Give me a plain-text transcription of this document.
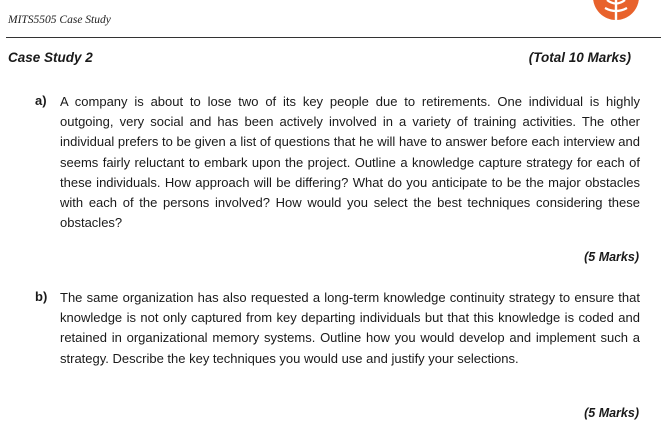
MITS5505 Case Study
Case Study 2	(Total 10 Marks)
a) A company is about to lose two of its key people due to retirements. One individual is highly outgoing, very social and has been actively involved in a variety of training activities. The other individual prefers to be given a list of questions that he will have to answer before each interview and seems fairly reluctant to embark upon the project. Outline a knowledge capture strategy for each of these individuals. How approach will be differing? What do you anticipate to be the major obstacles with each of the persons involved? How would you select the best techniques considering these obstacles?
(5 Marks)
b) The same organization has also requested a long-term knowledge continuity strategy to ensure that knowledge is not only captured from key departing individuals but that this knowledge is coded and retained in organizational memory systems. Outline how you would develop and implement such a strategy. Describe the key techniques you would use and justify your selections.
(5 Marks)
